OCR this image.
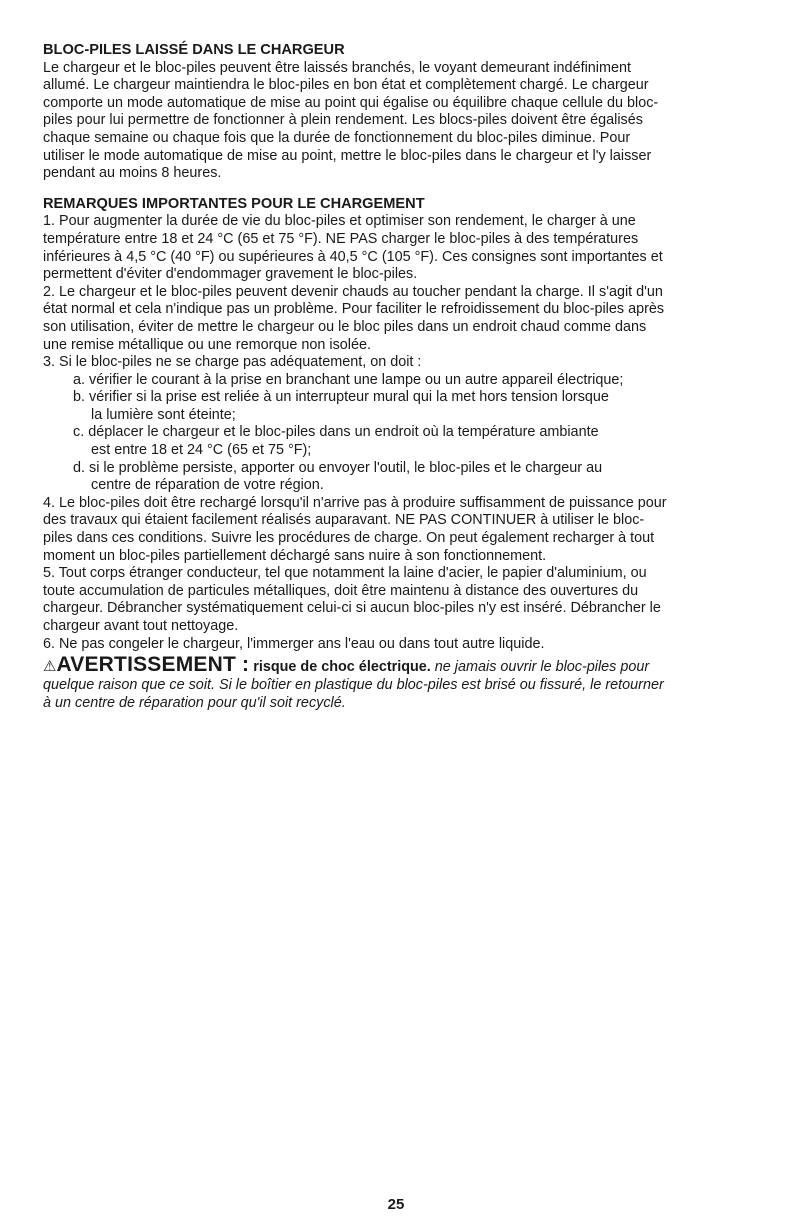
BLOC-PILES LAISSÉ DANS LE CHARGEUR

Le chargeur et le bloc-piles peuvent être laissés branchés, le voyant demeurant indéfiniment

allumé. Le chargeur maintiendra le bloc-piles en bon état et complètement chargé. Le chargeur

comporte un mode automatique de mise au point qui égalise ou équilibre chaque cellule du bloc-

piles pour lui permettre de fonctionner à plein rendement. Les blocs-piles doivent être égalisés

chaque semaine ou chaque fois que la durée de fonctionnement du bloc-piles diminue. Pour

utiliser le mode automatique de mise au point, mettre le bloc-piles dans le chargeur et l'y laisser

pendant au moins 8 heures.

REMARQUES IMPORTANTES POUR LE CHARGEMENT

1. Pour augmenter la durée de vie du bloc-piles et optimiser son rendement, le charger à une

température entre 18 et 24 °C (65 et 75 °F). NE PAS charger le bloc-piles à des températures

inférieures à 4,5 °C (40 °F) ou supérieures à 40,5 °C (105 °F). Ces consignes sont importantes et

permettent d'éviter d'endommager gravement le bloc-piles.

2. Le chargeur et le bloc-piles peuvent devenir chauds au toucher pendant la charge. Il s'agit d'un

état normal et cela n'indique pas un problème. Pour faciliter le refroidissement du bloc-piles après

son utilisation, éviter de mettre le chargeur ou le bloc piles dans un endroit chaud comme dans

une remise métallique ou une remorque non isolée.

3. Si le bloc-piles ne se charge pas adéquatement, on doit :

a. vérifier le courant à la prise en branchant une lampe ou un autre appareil électrique;

b. vérifier si la prise est reliée à un interrupteur mural qui la met hors tension lorsque

la lumière sont éteinte;

c. déplacer le chargeur et le bloc-piles dans un endroit où la température ambiante

est entre 18 et 24 °C (65 et 75 °F);

d. si le problème persiste, apporter ou envoyer l'outil, le bloc-piles et le chargeur au

centre de réparation de votre région.

4. Le bloc-piles doit être rechargé lorsqu'il n'arrive pas à produire suffisamment de puissance pour

des travaux qui étaient facilement réalisés auparavant. NE PAS CONTINUER à utiliser le bloc-

piles dans ces conditions. Suivre les procédures de charge. On peut également recharger à tout

moment un bloc-piles partiellement déchargé sans nuire à son fonctionnement.

5. Tout corps étranger conducteur, tel que notamment la laine d'acier, le papier d'aluminium, ou

toute accumulation de particules métalliques, doit être maintenu à distance des ouvertures du

chargeur. Débrancher systématiquement celui-ci si aucun bloc-piles n'y est inséré. Débrancher le

chargeur avant tout nettoyage.

6. Ne pas congeler le chargeur, l'immerger ans l'eau ou dans tout autre liquide.

⚠AVERTISSEMENT : risque de choc électrique. ne jamais ouvrir le bloc-piles pour

quelque raison que ce soit. Si le boîtier en plastique du bloc-piles est brisé ou fissuré, le retourner

à un centre de réparation pour qu'il soit recyclé.

25
